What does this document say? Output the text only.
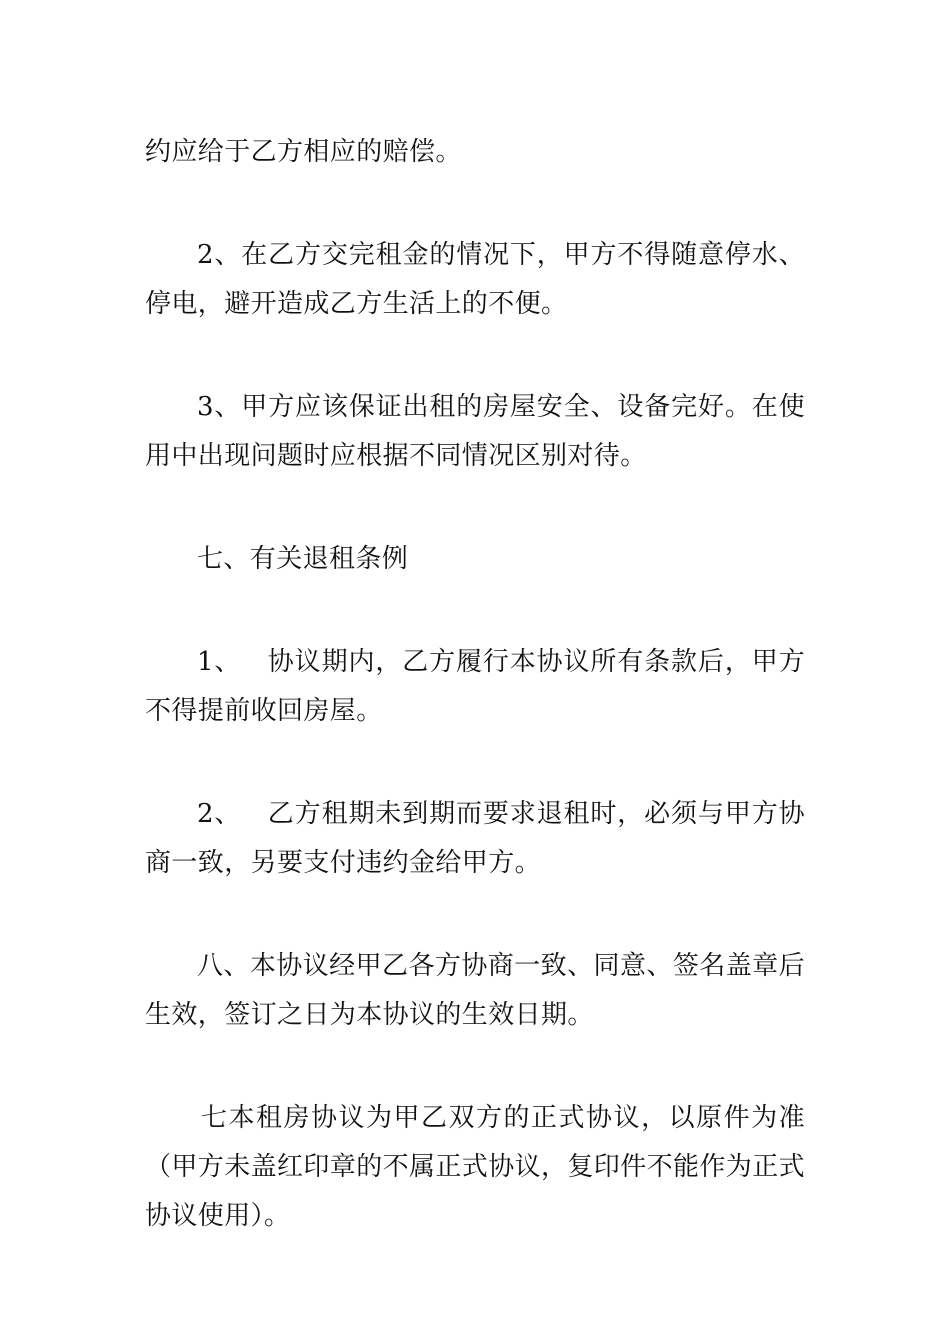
约应给于乙方相应的赔偿。

2、在乙方交完租金的情况下，甲方不得随意停水、停电，避开造成乙方生活上的不便。

3、甲方应该保证出租的房屋安全、设备完好。在使用中出现问题时应根据不同情况区别对待。

七、有关退租条例

1、 协议期内，乙方履行本协议所有条款后，甲方不得提前收回房屋。

2、 乙方租期未到期而要求退租时，必须与甲方协商一致，另要支付违约金给甲方。

八、本协议经甲乙各方协商一致、同意、签名盖章后生效，签订之日为本协议的生效日期。

七本租房协议为甲乙双方的正式协议，以原件为准（甲方未盖红印章的不属正式协议，复印件不能作为正式协议使用）。
